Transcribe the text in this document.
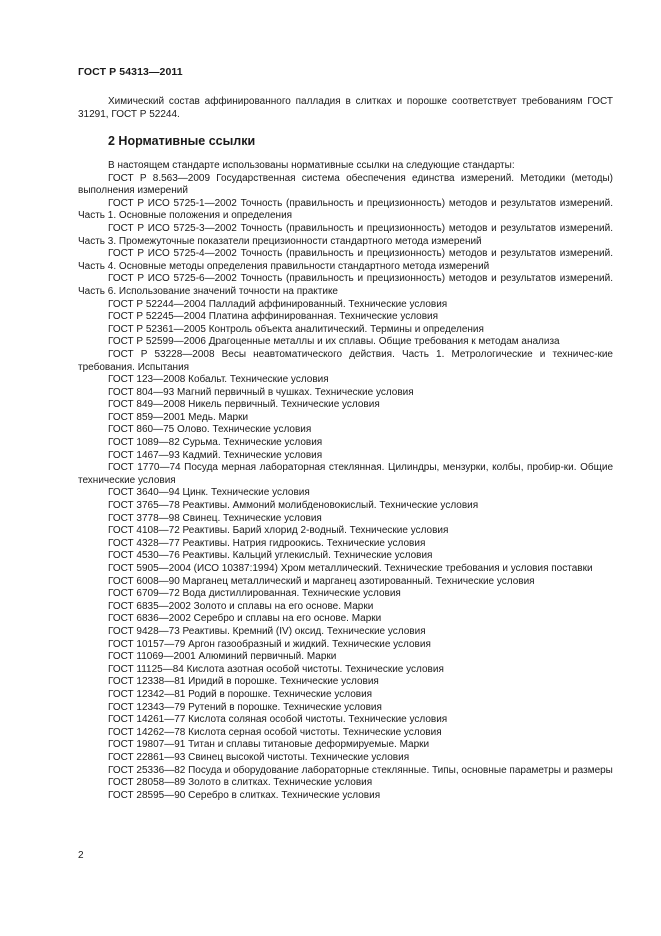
ГОСТ Р 54313—2011

Химический состав аффинированного палладия в слитках и порошке соответствует требованиям ГОСТ 31291, ГОСТ Р 52244.

2 Нормативные ссылки

В настоящем стандарте использованы нормативные ссылки на следующие стандарты:

ГОСТ Р 8.563—2009 Государственная система обеспечения единства измерений. Методики (методы) выполнения измерений

ГОСТ Р ИСО 5725-1—2002 Точность (правильность и прецизионность) методов и результатов измерений. Часть 1. Основные положения и определения

ГОСТ Р ИСО 5725-3—2002 Точность (правильность и прецизионность) методов и результатов измерений. Часть 3. Промежуточные показатели прецизионности стандартного метода измерений

ГОСТ Р ИСО 5725-4—2002 Точность (правильность и прецизионность) методов и результатов измерений. Часть 4. Основные методы определения правильности стандартного метода измерений

ГОСТ Р ИСО 5725-6—2002 Точность (правильность и прецизионность) методов и результатов измерений. Часть 6. Использование значений точности на практике

ГОСТ Р 52244—2004 Палладий аффинированный. Технические условия

ГОСТ Р 52245—2004 Платина аффинированная. Технические условия

ГОСТ Р 52361—2005 Контроль объекта аналитический. Термины и определения

ГОСТ Р 52599—2006 Драгоценные металлы и их сплавы. Общие требования к методам анализа

ГОСТ Р 53228—2008 Весы неавтоматического действия. Часть 1. Метрологические и техничес-кие требования. Испытания

ГОСТ 123—2008 Кобальт. Технические условия

ГОСТ 804—93 Магний первичный в чушках. Технические условия

ГОСТ 849—2008 Никель первичный. Технические условия

ГОСТ 859—2001 Медь. Марки

ГОСТ 860—75 Олово. Технические условия

ГОСТ 1089—82 Сурьма. Технические условия

ГОСТ 1467—93 Кадмий. Технические условия

ГОСТ 1770—74 Посуда мерная лабораторная стеклянная. Цилиндры, мензурки, колбы, пробир-ки. Общие технические условия

ГОСТ 3640—94 Цинк. Технические условия

ГОСТ 3765—78 Реактивы. Аммоний молибденовокислый. Технические условия

ГОСТ 3778—98 Свинец. Технические условия

ГОСТ 4108—72 Реактивы. Барий хлорид 2-водный. Технические условия

ГОСТ 4328—77 Реактивы. Натрия гидроокись. Технические условия

ГОСТ 4530—76 Реактивы. Кальций углекислый. Технические условия

ГОСТ 5905—2004 (ИСО 10387:1994) Хром металлический. Технические требования и условия поставки

ГОСТ 6008—90 Марганец металлический и марганец азотированный. Технические условия

ГОСТ 6709—72 Вода дистиллированная. Технические условия

ГОСТ 6835—2002 Золото и сплавы на его основе. Марки

ГОСТ 6836—2002 Серебро и сплавы на его основе. Марки

ГОСТ 9428—73 Реактивы. Кремний (IV) оксид. Технические условия

ГОСТ 10157—79 Аргон газообразный и жидкий. Технические условия

ГОСТ 11069—2001 Алюминий первичный. Марки

ГОСТ 11125—84 Кислота азотная особой чистоты. Технические условия

ГОСТ 12338—81 Иридий в порошке. Технические условия

ГОСТ 12342—81 Родий в порошке. Технические условия

ГОСТ 12343—79 Рутений в порошке. Технические условия

ГОСТ 14261—77 Кислота соляная особой чистоты. Технические условия

ГОСТ 14262—78 Кислота серная особой чистоты. Технические условия

ГОСТ 19807—91 Титан и сплавы титановые деформируемые. Марки

ГОСТ 22861—93 Свинец высокой чистоты. Технические условия

ГОСТ 25336—82 Посуда и оборудование лабораторные стеклянные. Типы, основные параметры и размеры

ГОСТ 28058—89 Золото в слитках. Технические условия

ГОСТ 28595—90 Серебро в слитках. Технические условия

2
